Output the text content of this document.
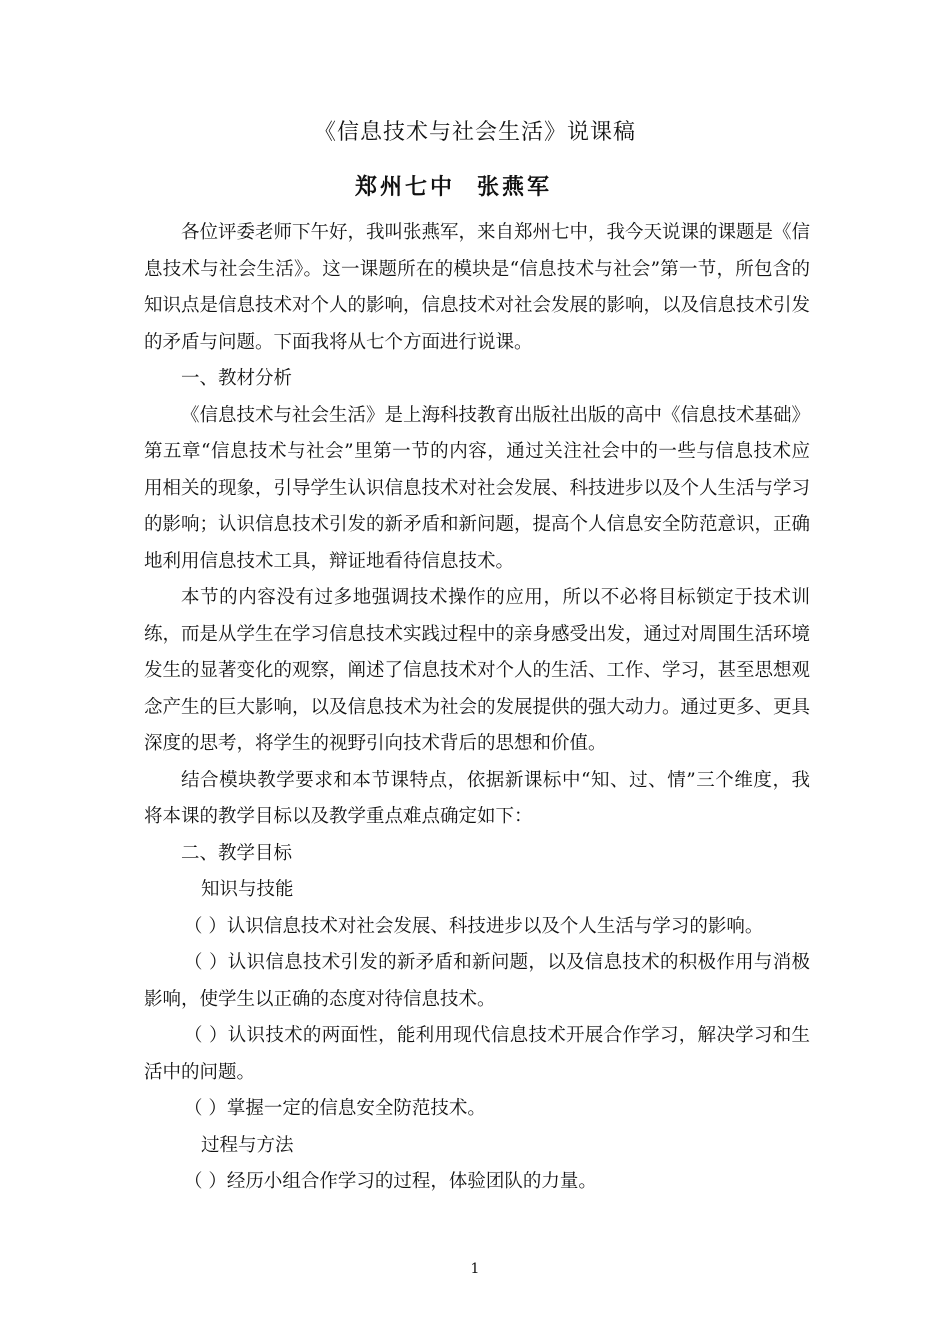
《信息技术与社会生活》说课稿
郑州七中 张燕军

各位评委老师下午好，我叫张燕军，来自郑州七中，我今天说课的课题是《信息技术与社会生活》。这一课题所在的模块是“信息技术与社会”第一节，所包含的知识点是信息技术对个人的影响，信息技术对社会发展的影响，以及信息技术引发的矛盾与问题。下面我将从七个方面进行说课。

一、教材分析

《信息技术与社会生活》是上海科技教育出版社出版的高中《信息技术基础》第五章“信息技术与社会”里第一节的内容，通过关注社会中的一些与信息技术应用相关的现象，引导学生认识信息技术对社会发展、科技进步以及个人生活与学习的影响；认识信息技术引发的新矛盾和新问题，提高个人信息安全防范意识，正确地利用信息技术工具，辩证地看待信息技术。

本节的内容没有过多地强调技术操作的应用，所以不必将目标锁定于技术训练，而是从学生在学习信息技术实践过程中的亲身感受出发，通过对周围生活环境发生的显著变化的观察，阐述了信息技术对个人的生活、工作、学习，甚至思想观念产生的巨大影响，以及信息技术为社会的发展提供的强大动力。通过更多、更具深度的思考，将学生的视野引向技术背后的思想和价值。

结合模块教学要求和本节课特点，依据新课标中“知、过、情”三个维度，我将本课的教学目标以及教学重点难点确定如下：

二、教学目标

知识与技能

（ ）认识信息技术对社会发展、科技进步以及个人生活与学习的影响。

（ ）认识信息技术引发的新矛盾和新问题，以及信息技术的积极作用与消极影响，使学生以正确的态度对待信息技术。

（ ）认识技术的两面性，能利用现代信息技术开展合作学习，解决学习和生活中的问题。

（ ）掌握一定的信息安全防范技术。

过程与方法

（ ）经历小组合作学习的过程，体验团队的力量。

1
